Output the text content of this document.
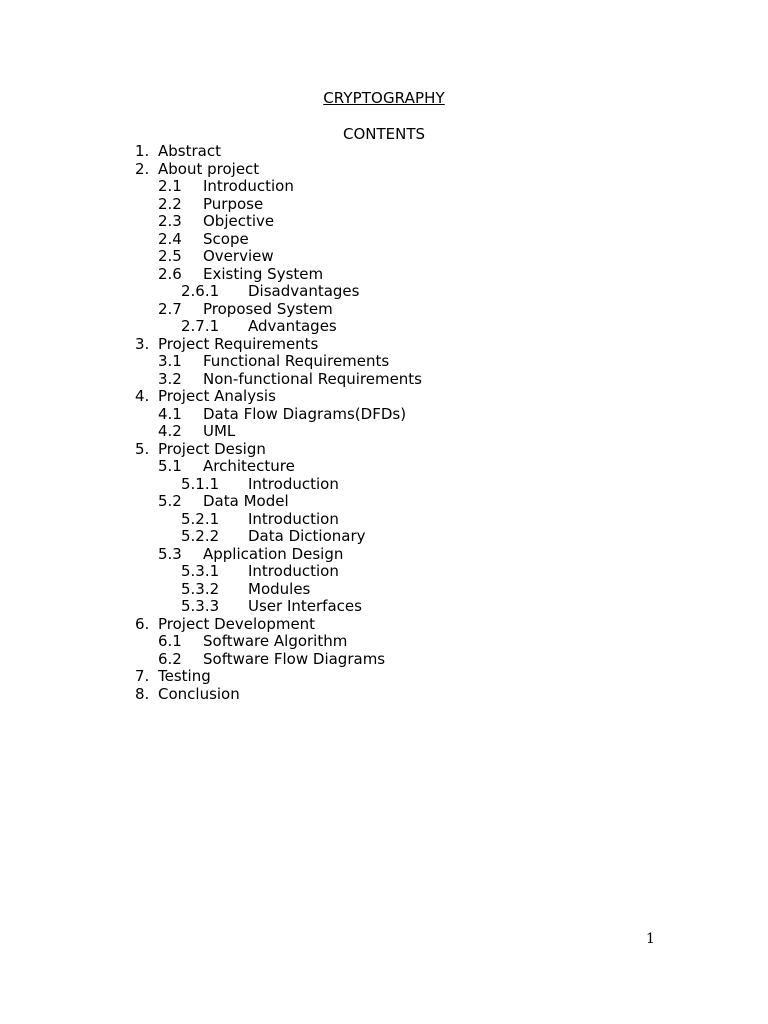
CRYPTOGRAPHY
CONTENTS
1. Abstract
2. About project
2.1 Introduction
2.2 Purpose
2.3 Objective
2.4 Scope
2.5 Overview
2.6 Existing System
2.6.1 Disadvantages
2.7 Proposed System
2.7.1 Advantages
3. Project Requirements
3.1 Functional Requirements
3.2 Non-functional Requirements
4. Project Analysis
4.1 Data Flow Diagrams(DFDs)
4.2 UML
5. Project Design
5.1 Architecture
5.1.1 Introduction
5.2 Data Model
5.2.1 Introduction
5.2.2 Data Dictionary
5.3 Application Design
5.3.1 Introduction
5.3.2 Modules
5.3.3 User Interfaces
6. Project Development
6.1 Software Algorithm
6.2 Software Flow Diagrams
7. Testing
8. Conclusion
1
